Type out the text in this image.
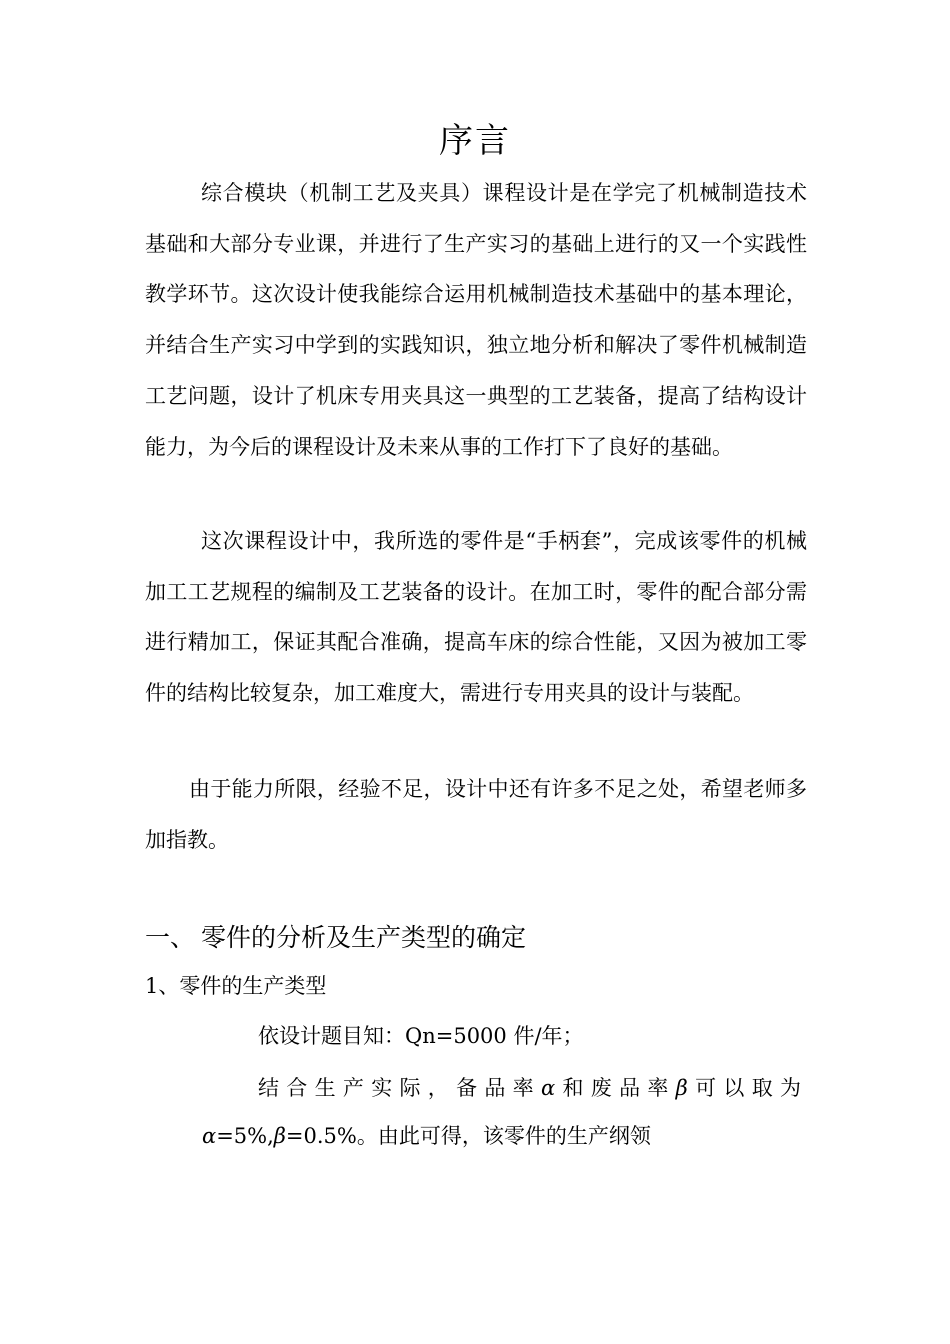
序言
综合模块（机制工艺及夹具）课程设计是在学完了机械制造技术基础和大部分专业课，并进行了生产实习的基础上进行的又一个实践性教学环节。这次设计使我能综合运用机械制造技术基础中的基本理论，并结合生产实习中学到的实践知识，独立地分析和解决了零件机械制造工艺问题，设计了机床专用夹具这一典型的工艺装备，提高了结构设计能力，为今后的课程设计及未来从事的工作打下了良好的基础。
这次课程设计中，我所选的零件是“手柄套”，完成该零件的机械加工工艺规程的编制及工艺装备的设计。在加工时，零件的配合部分需进行精加工，保证其配合准确，提高车床的综合性能，又因为被加工零件的结构比较复杂，加工难度大，需进行专用夹具的设计与装配。
由于能力所限，经验不足，设计中还有许多不足之处，希望老师多加指教。
一、 零件的分析及生产类型的确定
1、零件的生产类型
依设计题目知：Qn=5000 件/年；
结合生产实际，备品率α和废品率β可以取为
α=5%,β=0.5%。由此可得，该零件的生产纲领
